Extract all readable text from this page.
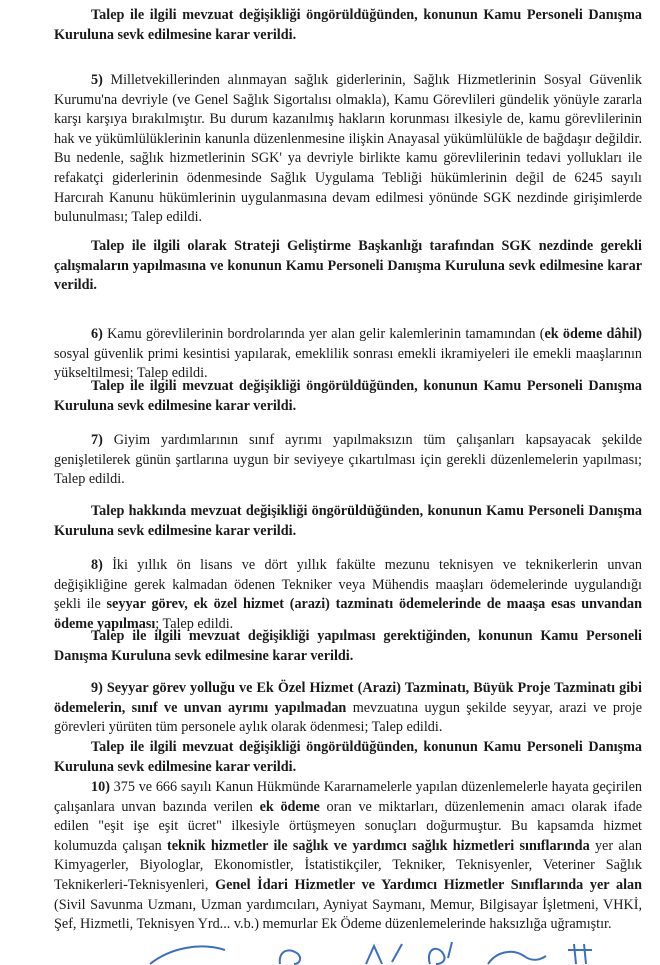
Talep ile ilgili mevzuat değişikliği öngörüldüğünden, konunun Kamu Personeli Danışma Kuruluna sevk edilmesine karar verildi.

5) Milletvekillerinden alınmayan sağlık giderlerinin, Sağlık Hizmetlerinin Sosyal Güvenlik Kurumu'na devriyle (ve Genel Sağlık Sigortalısı olmakla), Kamu Görevlileri gündelik yönüyle zararla karşı karşıya bırakılmıştır. Bu durum kazanılmış hakların korunması ilkesiyle de, kamu görevlilerinin hak ve yükümlülüklerinin kanunla düzenlenmesine ilişkin Anayasal yükümlülükle de bağdaşır değildir. Bu nedenle, sağlık hizmetlerinin SGK' ya devriyle birlikte kamu görevlilerinin tedavi yollukları ile refakatçi giderlerinin ödenmesinde Sağlık Uygulama Tebliği hükümlerinin değil de 6245 sayılı Harcırah Kanunu hükümlerinin uygulanmasına devam edilmesi yönünde SGK nezdinde girişimlerde bulunulması; Talep edildi.

Talep ile ilgili olarak Strateji Geliştirme Başkanlığı tarafından SGK nezdinde gerekli çalışmaların yapılmasına ve konunun Kamu Personeli Danışma Kuruluna sevk edilmesine karar verildi.

6) Kamu görevlilerinin bordrolarında yer alan gelir kalemlerinin tamamından (ek ödeme dâhil) sosyal güvenlik primi kesintisi yapılarak, emeklilik sonrası emekli ikramiyeleri ile emekli maaşlarının yükseltilmesi; Talep edildi.

Talep ile ilgili mevzuat değişikliği öngörüldüğünden, konunun Kamu Personeli Danışma Kuruluna sevk edilmesine karar verildi.

7) Giyim yardımlarının sınıf ayrımı yapılmaksızın tüm çalışanları kapsayacak şekilde genişletilerek günün şartlarına uygun bir seviyeye çıkartılması için gerekli düzenlemelerin yapılması; Talep edildi.

Talep hakkında mevzuat değişikliği öngörüldüğünden, konunun Kamu Personeli Danışma Kuruluna sevk edilmesine karar verildi.

8) İki yıllık ön lisans ve dört yıllık fakülte mezunu teknisyen ve teknikerlerin unvan değişikliğine gerek kalmadan ödenen Tekniker veya Mühendis maaşları ödemelerinde uygulandığı şekli ile seyyar görev, ek özel hizmet (arazi) tazminatı ödemelerinde de maaşa esas unvandan ödeme yapılması; Talep edildi.

Talep ile ilgili mevzuat değişikliği yapılması gerektiğinden, konunun Kamu Personeli Danışma Kuruluna sevk edilmesine karar verildi.

9) Seyyar görev yolluğu ve Ek Özel Hizmet (Arazi) Tazminatı, Büyük Proje Tazminatı gibi ödemelerin, sınıf ve unvan ayrımı yapılmadan mevzuatına uygun şekilde seyyar, arazi ve proje görevleri yürüten tüm personele aylık olarak ödenmesi; Talep edildi.

Talep ile ilgili mevzuat değişikliği öngörüldüğünden, konunun Kamu Personeli Danışma Kuruluna sevk edilmesine karar verildi.

10) 375 ve 666 sayılı Kanun Hükmünde Kararnamelerle yapılan düzenlemelerle hayata geçirilen çalışanlara unvan bazında verilen ek ödeme oran ve miktarları, düzenlemenin amacı olarak ifade edilen "eşit işe eşit ücret" ilkesiyle örtüşmeyen sonuçları doğurmuştur. Bu kapsamda hizmet kolumuzda çalışan teknik hizmetler ile sağlık ve yardımcı sağlık hizmetleri sınıflarında yer alan Kimyagerler, Biyologlar, Ekonomistler, İstatistikçiler, Tekniker, Teknisyenler, Veteriner Sağlık Teknikerleri-Teknisyenleri, Genel İdari Hizmetler ve Yardımcı Hizmetler Sınıflarında yer alan (Sivil Savunma Uzmanı, Uzman yardımcıları, Ayniyat Saymanı, Memur, Bilgisayar İşletmeni, VHKİ, Şef, Hizmetli, Teknisyen Yrd... v.b.) memurlar Ek Ödeme düzenlemelerinde haksızlığa uğramıştır.
